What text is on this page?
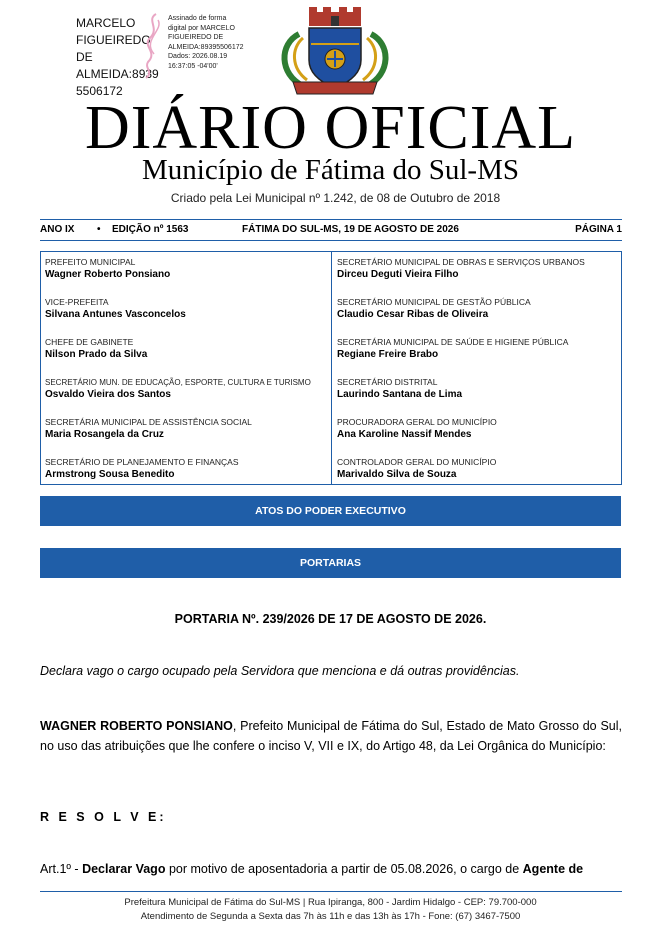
MARCELO
FIGUEIREDO DE
ALMEIDA:8939
5506172
Assinado de forma
digital por MARCELO
FIGUEIREDO DE
ALMEIDA:89395506172
Dados: 2026.08.19
16:37:05 -04'00'
DIÁRIO OFICIAL
Município de Fátima do Sul-MS
Criado pela Lei Municipal nº 1.242, de 08 de Outubro de 2018
ANO IX • EDIÇÃO nº 1563	FÁTIMA DO SUL-MS, 19 DE AGOSTO DE 2026	PÁGINA 1
PREFEITO MUNICIPAL
Wagner Roberto Ponsiano
VICE-PREFEITA
Silvana Antunes Vasconcelos
CHEFE DE GABINETE
Nilson Prado da Silva
SECRETÁRIO MUN. DE EDUCAÇÃO, ESPORTE, CULTURA E TURISMO
Osvaldo Vieira dos Santos
SECRETÁRIA MUNICIPAL DE ASSISTÊNCIA SOCIAL
Maria Rosangela da Cruz
SECRETÁRIO DE PLANEJAMENTO E FINANÇAS
Armstrong Sousa Benedito
SECRETÁRIO MUNICIPAL DE OBRAS E SERVIÇOS URBANOS
Dirceu Deguti Vieira Filho
SECRETÁRIO MUNICIPAL DE GESTÃO PÚBLICA
Claudio Cesar Ribas de Oliveira
SECRETÁRIA MUNICIPAL DE SAÚDE E HIGIENE PÚBLICA
Regiane Freire Brabo
SECRETÁRIO DISTRITAL
Laurindo Santana de Lima
PROCURADORA GERAL DO MUNICÍPIO
Ana Karoline Nassif Mendes
CONTROLADOR GERAL DO MUNICÍPIO
Marivaldo Silva de Souza
ATOS DO PODER EXECUTIVO
PORTARIAS
PORTARIA Nº. 239/2026 DE 17 DE AGOSTO DE 2026.
Declara vago o cargo ocupado pela Servidora que menciona e dá outras providências.
WAGNER ROBERTO PONSIANO, Prefeito Municipal de Fátima do Sul, Estado de Mato Grosso do Sul, no uso das atribuições que lhe confere o inciso V, VII e IX, do Artigo 48, da Lei Orgânica do Município:
R E S O L V E:
Art.1º - Declarar Vago por motivo de aposentadoria a partir de 05.08.2026, o cargo de Agente de
Prefeitura Municipal de Fátima do Sul-MS | Rua Ipiranga, 800 - Jardim Hidalgo - CEP: 79.700-000
Atendimento de Segunda a Sexta das 7h às 11h e das 13h às 17h - Fone: (67) 3467-7500
